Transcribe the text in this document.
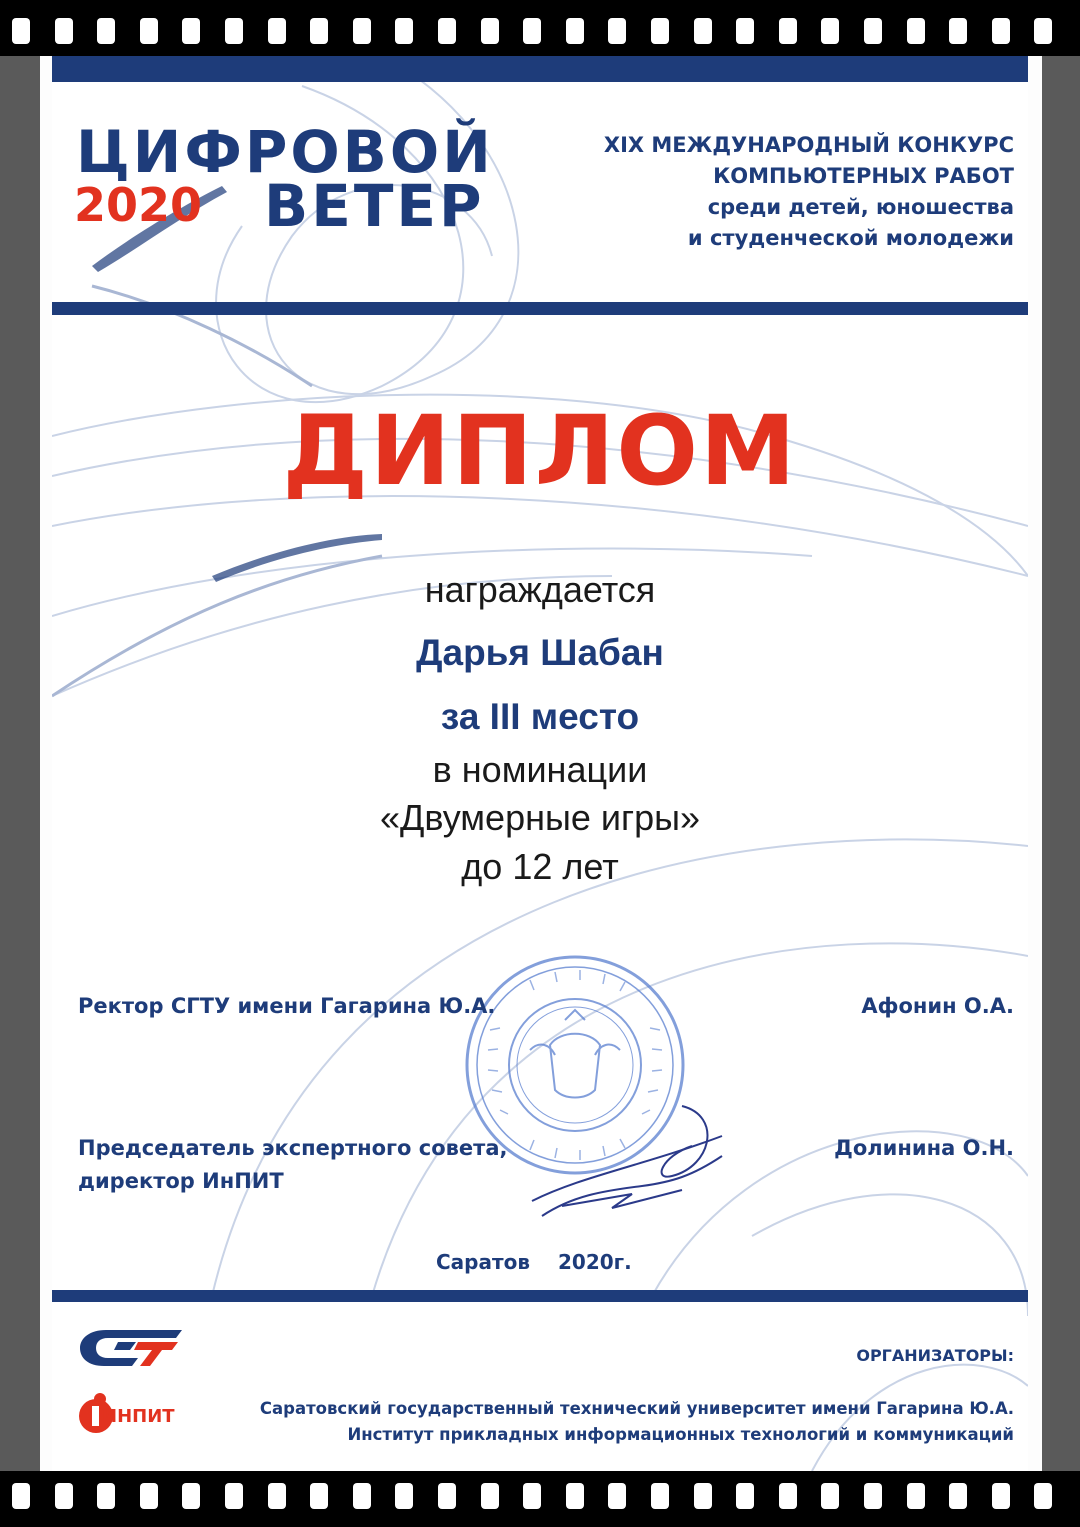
ЦИФРОВОЙ
2020 ВЕТЕР
XIX МЕЖДУНАРОДНЫЙ КОНКУРС
КОМПЬЮТЕРНЫХ РАБОТ
среди детей, юношества
и студенческой молодежи
ДИПЛОМ
награждается
Дарья Шабан
за III место
в номинации
«Двумерные игры»
до 12 лет
Ректор СГТУ имени Гагарина Ю.А.	Афонин О.А.
Председатель экспертного совета,
директор ИнПИТ
Долинина О.Н.
Саратов 2020г.
ИНПИТ
ОРГАНИЗАТОРЫ:
Саратовский государственный технический университет имени Гагарина Ю.А.
Институт прикладных информационных технологий и коммуникаций
